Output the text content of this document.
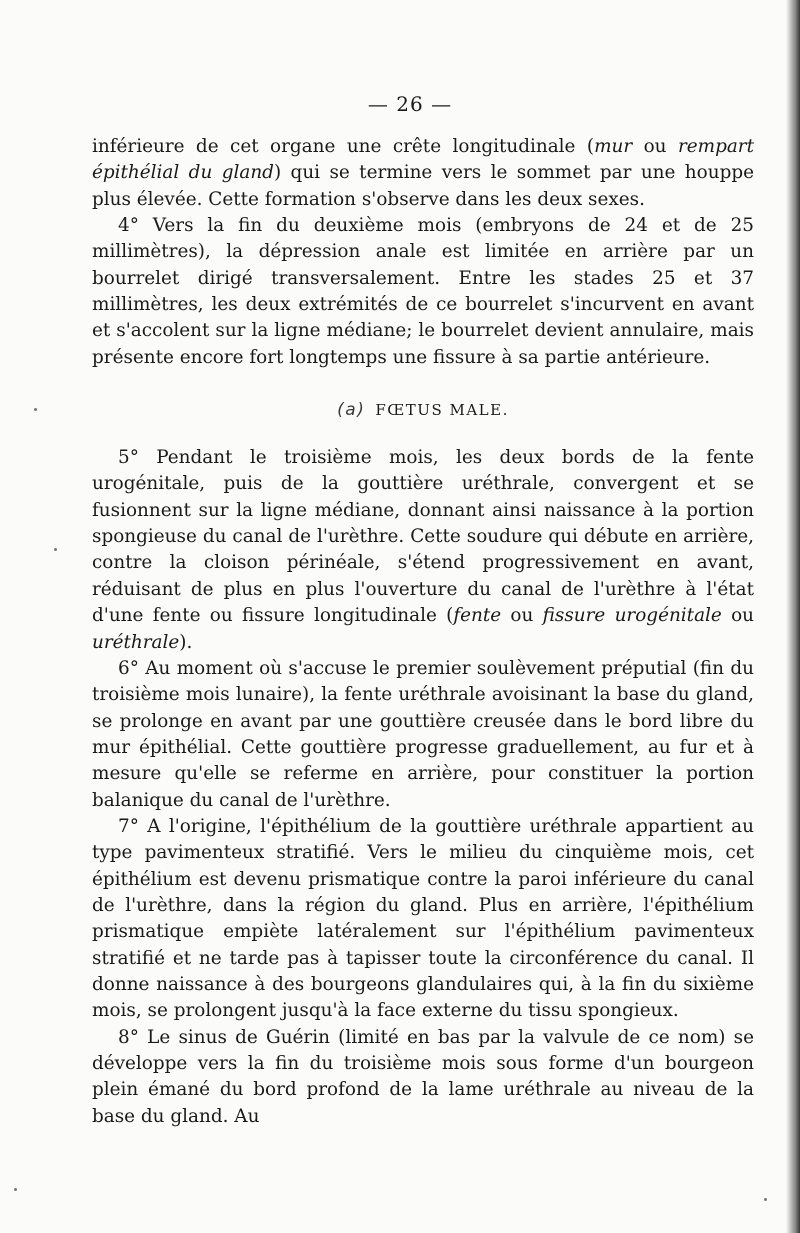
— 26 —

inférieure de cet organe une crête longitudinale (mur ou rempart épithélial du gland) qui se termine vers le sommet par une houppe plus élevée. Cette formation s'observe dans les deux sexes.

4° Vers la fin du deuxième mois (embryons de 24 et de 25 millimètres), la dépression anale est limitée en arrière par un bourrelet dirigé transversalement. Entre les stades 25 et 37 millimètres, les deux extrémités de ce bourrelet s'incurvent en avant et s'accolent sur la ligne médiane; le bourrelet devient annulaire, mais présente encore fort longtemps une fissure à sa partie antérieure.

(a) FŒTUS MALE.

5° Pendant le troisième mois, les deux bords de la fente urogénitale, puis de la gouttière uréthrale, convergent et se fusionnent sur la ligne médiane, donnant ainsi naissance à la portion spongieuse du canal de l'urèthre. Cette soudure qui débute en arrière, contre la cloison périnéale, s'étend progressivement en avant, réduisant de plus en plus l'ouverture du canal de l'urèthre à l'état d'une fente ou fissure longitudinale (fente ou fissure urogénitale ou uréthrale).

6° Au moment où s'accuse le premier soulèvement préputial (fin du troisième mois lunaire), la fente uréthrale avoisinant la base du gland, se prolonge en avant par une gouttière creusée dans le bord libre du mur épithélial. Cette gouttière progresse graduellement, au fur et à mesure qu'elle se referme en arrière, pour constituer la portion balanique du canal de l'urèthre.

7° A l'origine, l'épithélium de la gouttière uréthrale appartient au type pavimenteux stratifié. Vers le milieu du cinquième mois, cet épithélium est devenu prismatique contre la paroi inférieure du canal de l'urèthre, dans la région du gland. Plus en arrière, l'épithélium prismatique empiète latéralement sur l'épithélium pavimenteux stratifié et ne tarde pas à tapisser toute la circonférence du canal. Il donne naissance à des bourgeons glandulaires qui, à la fin du sixième mois, se prolongent jusqu'à la face externe du tissu spongieux.

8° Le sinus de Guérin (limité en bas par la valvule de ce nom) se développe vers la fin du troisième mois sous forme d'un bourgeon plein émané du bord profond de la lame uréthrale au niveau de la base du gland. Au
